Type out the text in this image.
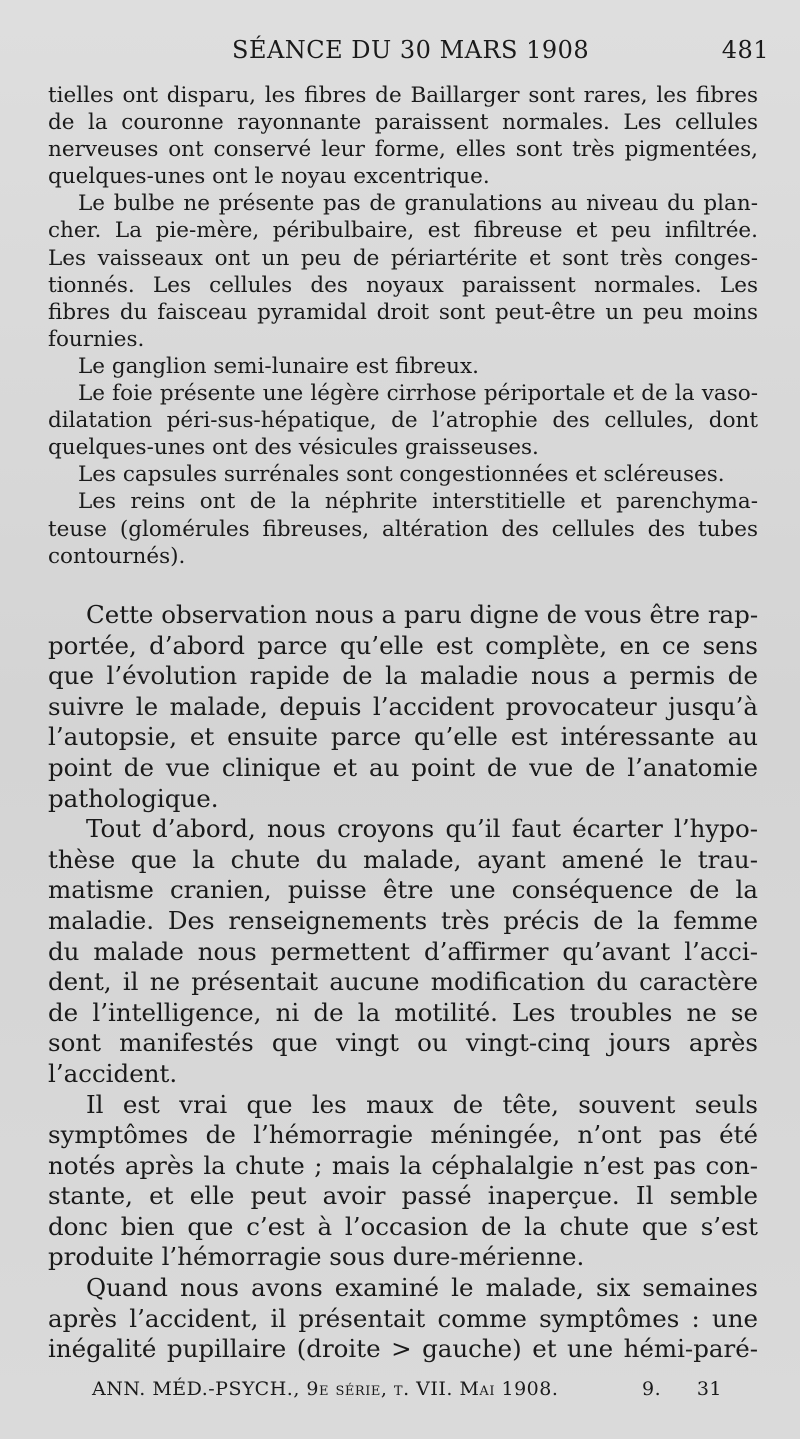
SÉANCE DU 30 MARS 1908	481
tielles ont disparu, les fibres de Baillarger sont rares, les fibres
de la couronne rayonnante paraissent normales. Les cellules
nerveuses ont conservé leur forme, elles sont très pigmentées,
quelques-unes ont le noyau excentrique.
Le bulbe ne présente pas de granulations au niveau du plan-
cher. La pie-mère, péribulbaire, est fibreuse et peu infiltrée.
Les vaisseaux ont un peu de périartérite et sont très conges-
tionnés. Les cellules des noyaux paraissent normales. Les
fibres du faisceau pyramidal droit sont peut-être un peu moins
fournies.
Le ganglion semi-lunaire est fibreux.
Le foie présente une légère cirrhose périportale et de la vaso-
dilatation péri-sus-hépatique, de l’atrophie des cellules, dont
quelques-unes ont des vésicules graisseuses.
Les capsules surrénales sont congestionnées et scléreuses.
Les reins ont de la néphrite interstitielle et parenchyma-
teuse (glomérules fibreuses, altération des cellules des tubes
contournés).
Cette observation nous a paru digne de vous être rap-
portée, d’abord parce qu’elle est complète, en ce sens
que l’évolution rapide de la maladie nous a permis de
suivre le malade, depuis l’accident provocateur jusqu’à
l’autopsie, et ensuite parce qu’elle est intéressante au
point de vue clinique et au point de vue de l’anatomie
pathologique.
Tout d’abord, nous croyons qu’il faut écarter l’hypo-
thèse que la chute du malade, ayant amené le trau-
matisme cranien, puisse être une conséquence de la
maladie. Des renseignements très précis de la femme
du malade nous permettent d’affirmer qu’avant l’acci-
dent, il ne présentait aucune modification du caractère
de l’intelligence, ni de la motilité. Les troubles ne se
sont manifestés que vingt ou vingt-cinq jours après
l’accident.
Il est vrai que les maux de tête, souvent seuls
symptômes de l’hémorragie méningée, n’ont pas été
notés après la chute ; mais la céphalalgie n’est pas con-
stante, et elle peut avoir passé inaperçue. Il semble
donc bien que c’est à l’occasion de la chute que s’est
produite l’hémorragie sous dure-mérienne.
Quand nous avons examiné le malade, six semaines
après l’accident, il présentait comme symptômes : une
inégalité pupillaire (droite > gauche) et une hémi-paré-
ANN. MÉD.-PSYCH., 9e série, t. VII. Mai 1908.	9. 31
